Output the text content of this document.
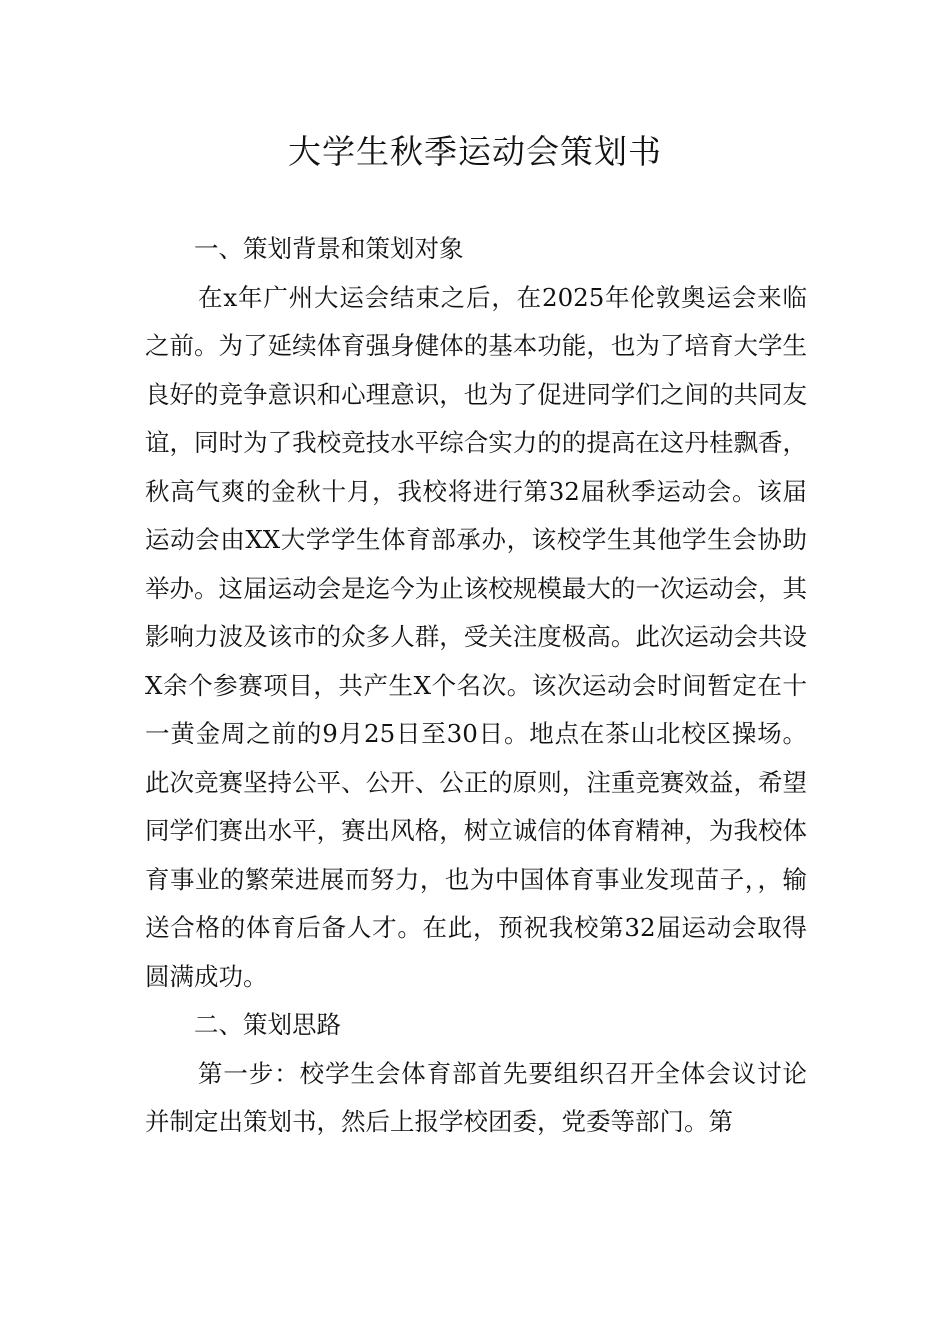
大学生秋季运动会策划书

一、策划背景和策划对象

在x年广州大运会结束之后，在2025年伦敦奥运会来临之前。为了延续体育强身健体的基本功能，也为了培育大学生良好的竞争意识和心理意识，也为了促进同学们之间的共同友谊，同时为了我校竞技水平综合实力的的提高在这丹桂飘香，秋高气爽的金秋十月，我校将进行第32届秋季运动会。该届运动会由XX大学学生体育部承办，该校学生其他学生会协助举办。这届运动会是迄今为止该校规模最大的一次运动会，其影响力波及该市的众多人群，受关注度极高。此次运动会共设X余个参赛项目，共产生X个名次。该次运动会时间暂定在十一黄金周之前的9月25日至30日。地点在茶山北校区操场。此次竞赛坚持公平、公开、公正的原则，注重竞赛效益，希望同学们赛出水平，赛出风格，树立诚信的体育精神，为我校体育事业的繁荣进展而努力，也为中国体育事业发现苗子，，输送合格的体育后备人才。在此，预祝我校第32届运动会取得圆满成功。

二、策划思路

第一步：校学生会体育部首先要组织召开全体会议讨论并制定出策划书，然后上报学校团委，党委等部门。第
